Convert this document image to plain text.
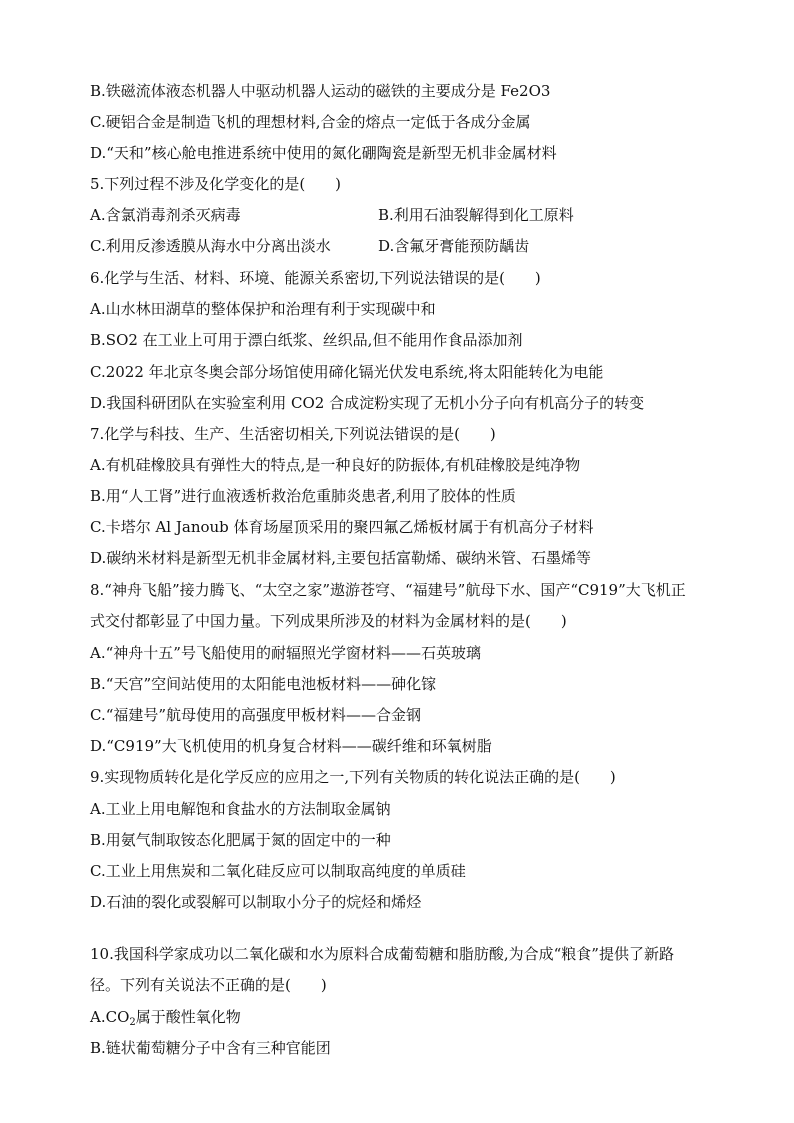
B.铁磁流体液态机器人中驱动机器人运动的磁铁的主要成分是 Fe2O3
C.硬铝合金是制造飞机的理想材料,合金的熔点一定低于各成分金属
D.“天和”核心舱电推进系统中使用的氮化硼陶瓷是新型无机非金属材料
5.下列过程不涉及化学变化的是(　　)
A.含氯消毒剂杀灭病毒	B.利用石油裂解得到化工原料
C.利用反渗透膜从海水中分离出淡水	D.含氟牙膏能预防龋齿
6.化学与生活、材料、环境、能源关系密切,下列说法错误的是(　　)
A.山水林田湖草的整体保护和治理有利于实现碳中和
B.SO2 在工业上可用于漂白纸浆、丝织品,但不能用作食品添加剂
C.2022 年北京冬奥会部分场馆使用碲化镉光伏发电系统,将太阳能转化为电能
D.我国科研团队在实验室利用 CO2 合成淀粉实现了无机小分子向有机高分子的转变
7.化学与科技、生产、生活密切相关,下列说法错误的是(　　)
A.有机硅橡胶具有弹性大的特点,是一种良好的防振体,有机硅橡胶是纯净物
B.用“人工肾”进行血液透析救治危重肺炎患者,利用了胶体的性质
C.卡塔尔 Al Janoub 体育场屋顶采用的聚四氟乙烯板材属于有机高分子材料
D.碳纳米材料是新型无机非金属材料,主要包括富勒烯、碳纳米管、石墨烯等
8.“神舟飞船”接力腾飞、“太空之家”遨游苍穹、“福建号”航母下水、国产“C919”大飞机正
式交付都彰显了中国力量。下列成果所涉及的材料为金属材料的是(　　)
A.“神舟十五”号飞船使用的耐辐照光学窗材料——石英玻璃
B.“天宫”空间站使用的太阳能电池板材料——砷化镓
C.“福建号”航母使用的高强度甲板材料——合金钢
D.“C919”大飞机使用的机身复合材料——碳纤维和环氧树脂
9.实现物质转化是化学反应的应用之一,下列有关物质的转化说法正确的是(　　)
A.工业上用电解饱和食盐水的方法制取金属钠
B.用氨气制取铵态化肥属于氮的固定中的一种
C.工业上用焦炭和二氧化硅反应可以制取高纯度的单质硅
D.石油的裂化或裂解可以制取小分子的烷烃和烯烃
10.我国科学家成功以二氧化碳和水为原料合成葡萄糖和脂肪酸,为合成“粮食”提供了新路
径。下列有关说法不正确的是(　　)
$A.CO_2$属于酸性氧化物
B.链状葡萄糖分子中含有三种官能团
